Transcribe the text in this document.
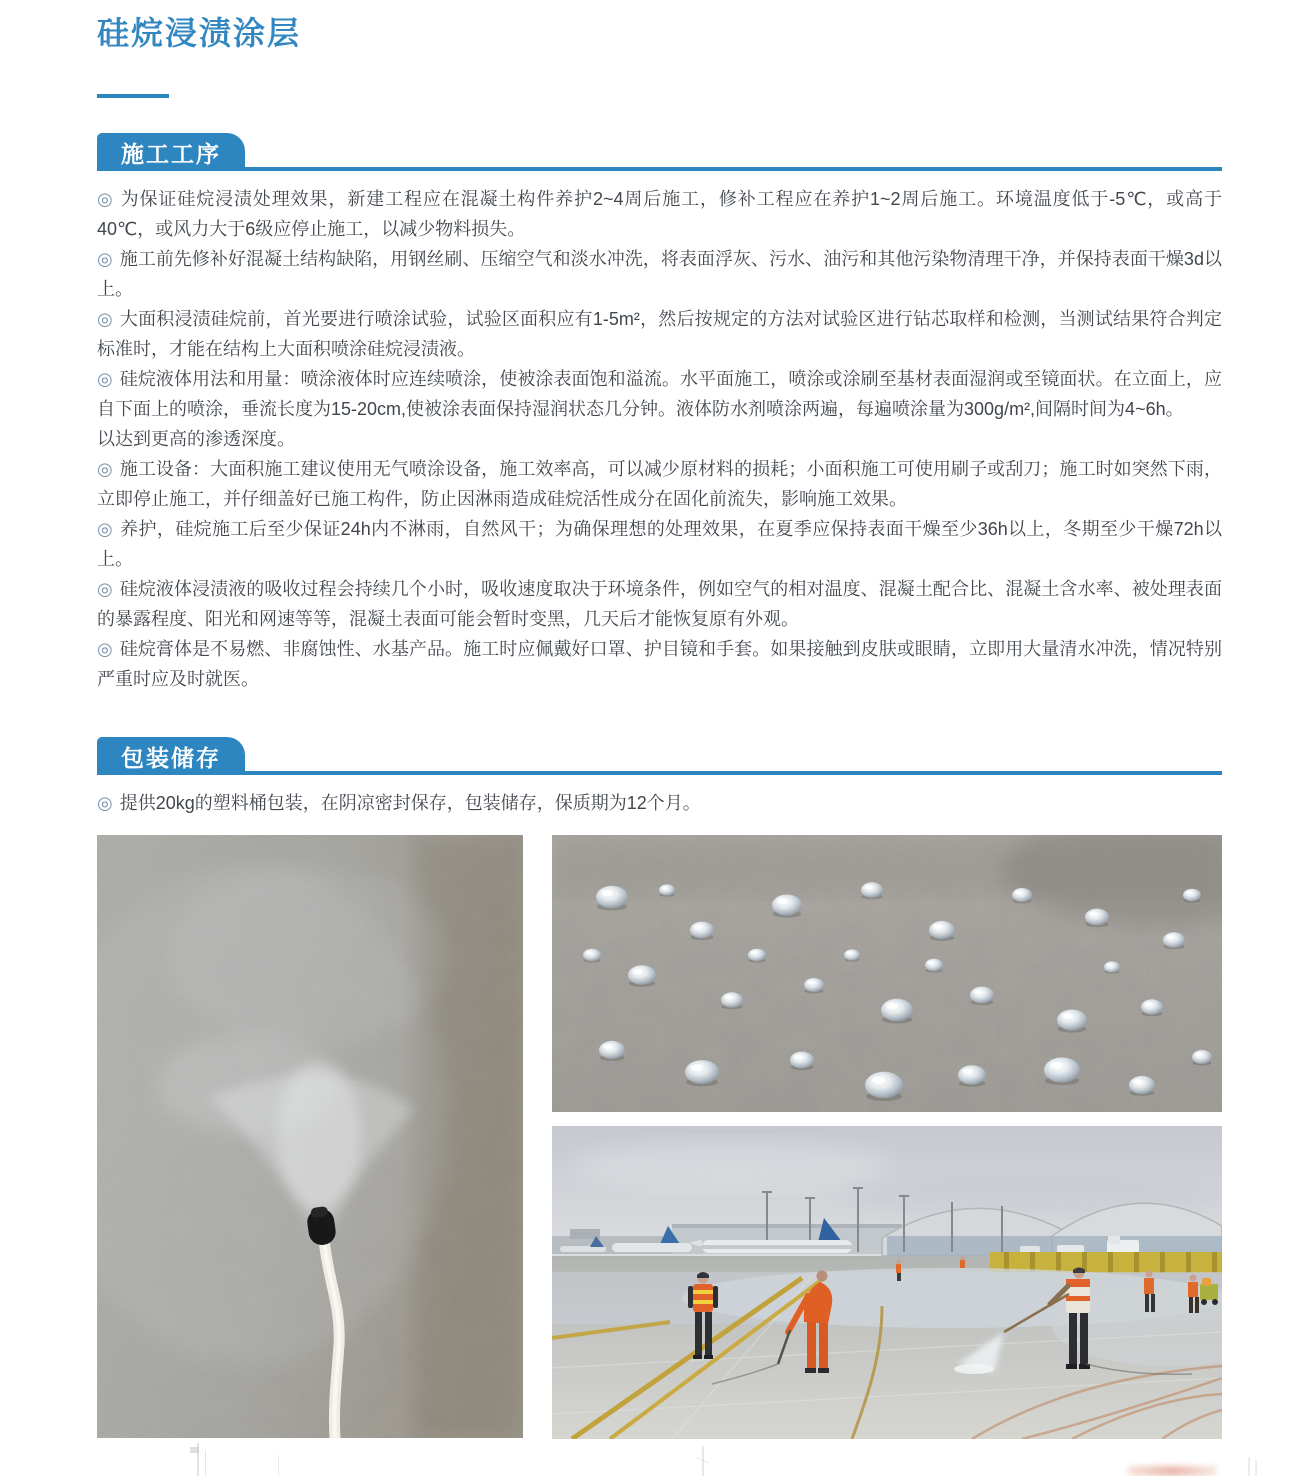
硅烷浸渍涂层
施工工序

◎ 为保证硅烷浸渍处理效果，新建工程应在混凝土构件养护2~4周后施工，修补工程应在养护1~2周后施工。环境温度低于-5℃，或高于40℃，或风力大于6级应停止施工，以减少物料损失。

◎ 施工前先修补好混凝土结构缺陷，用钢丝刷、压缩空气和淡水冲洗，将表面浮灰、污水、油污和其他污染物清理干净，并保持表面干燥3d以上。

◎ 大面积浸渍硅烷前，首光要进行喷涂试验，试验区面积应有1-5m²，然后按规定的方法对试验区进行钻芯取样和检测，当测试结果符合判定标准时，才能在结构上大面积喷涂硅烷浸渍液。

◎ 硅烷液体用法和用量：喷涂液体时应连续喷涂，使被涂表面饱和溢流。水平面施工，喷涂或涂刷至基材表面湿润或至镜面状。在立面上，应自下面上的喷涂，垂流长度为15-20cm,使被涂表面保持湿润状态几分钟。液体防水剂喷涂两遍，每遍喷涂量为300g/m²,间隔时间为4~6h。

以达到更高的渗透深度。

◎ 施工设备：大面积施工建议使用无气喷涂设备，施工效率高，可以减少原材料的损耗；小面积施工可使用刷子或刮刀；施工时如突然下雨，立即停止施工，并仔细盖好已施工构件，防止因淋雨造成硅烷活性成分在固化前流失，影响施工效果。

◎ 养护，硅烷施工后至少保证24h内不淋雨，自然风干；为确保理想的处理效果，在夏季应保持表面干燥至少36h以上，冬期至少干燥72h以上。

◎ 硅烷液体浸渍液的吸收过程会持续几个小时，吸收速度取决于环境条件，例如空气的相对温度、混凝土配合比、混凝土含水率、被处理表面的暴露程度、阳光和网速等等，混凝土表面可能会暂时变黑，几天后才能恢复原有外观。

◎ 硅烷膏体是不易燃、非腐蚀性、水基产品。施工时应佩戴好口罩、护目镜和手套。如果接触到皮肤或眼睛，立即用大量清水冲洗，情况特别严重时应及时就医。

包装储存

◎ 提供20kg的塑料桶包装，在阴凉密封保存，包装储存，保质期为12个月。
